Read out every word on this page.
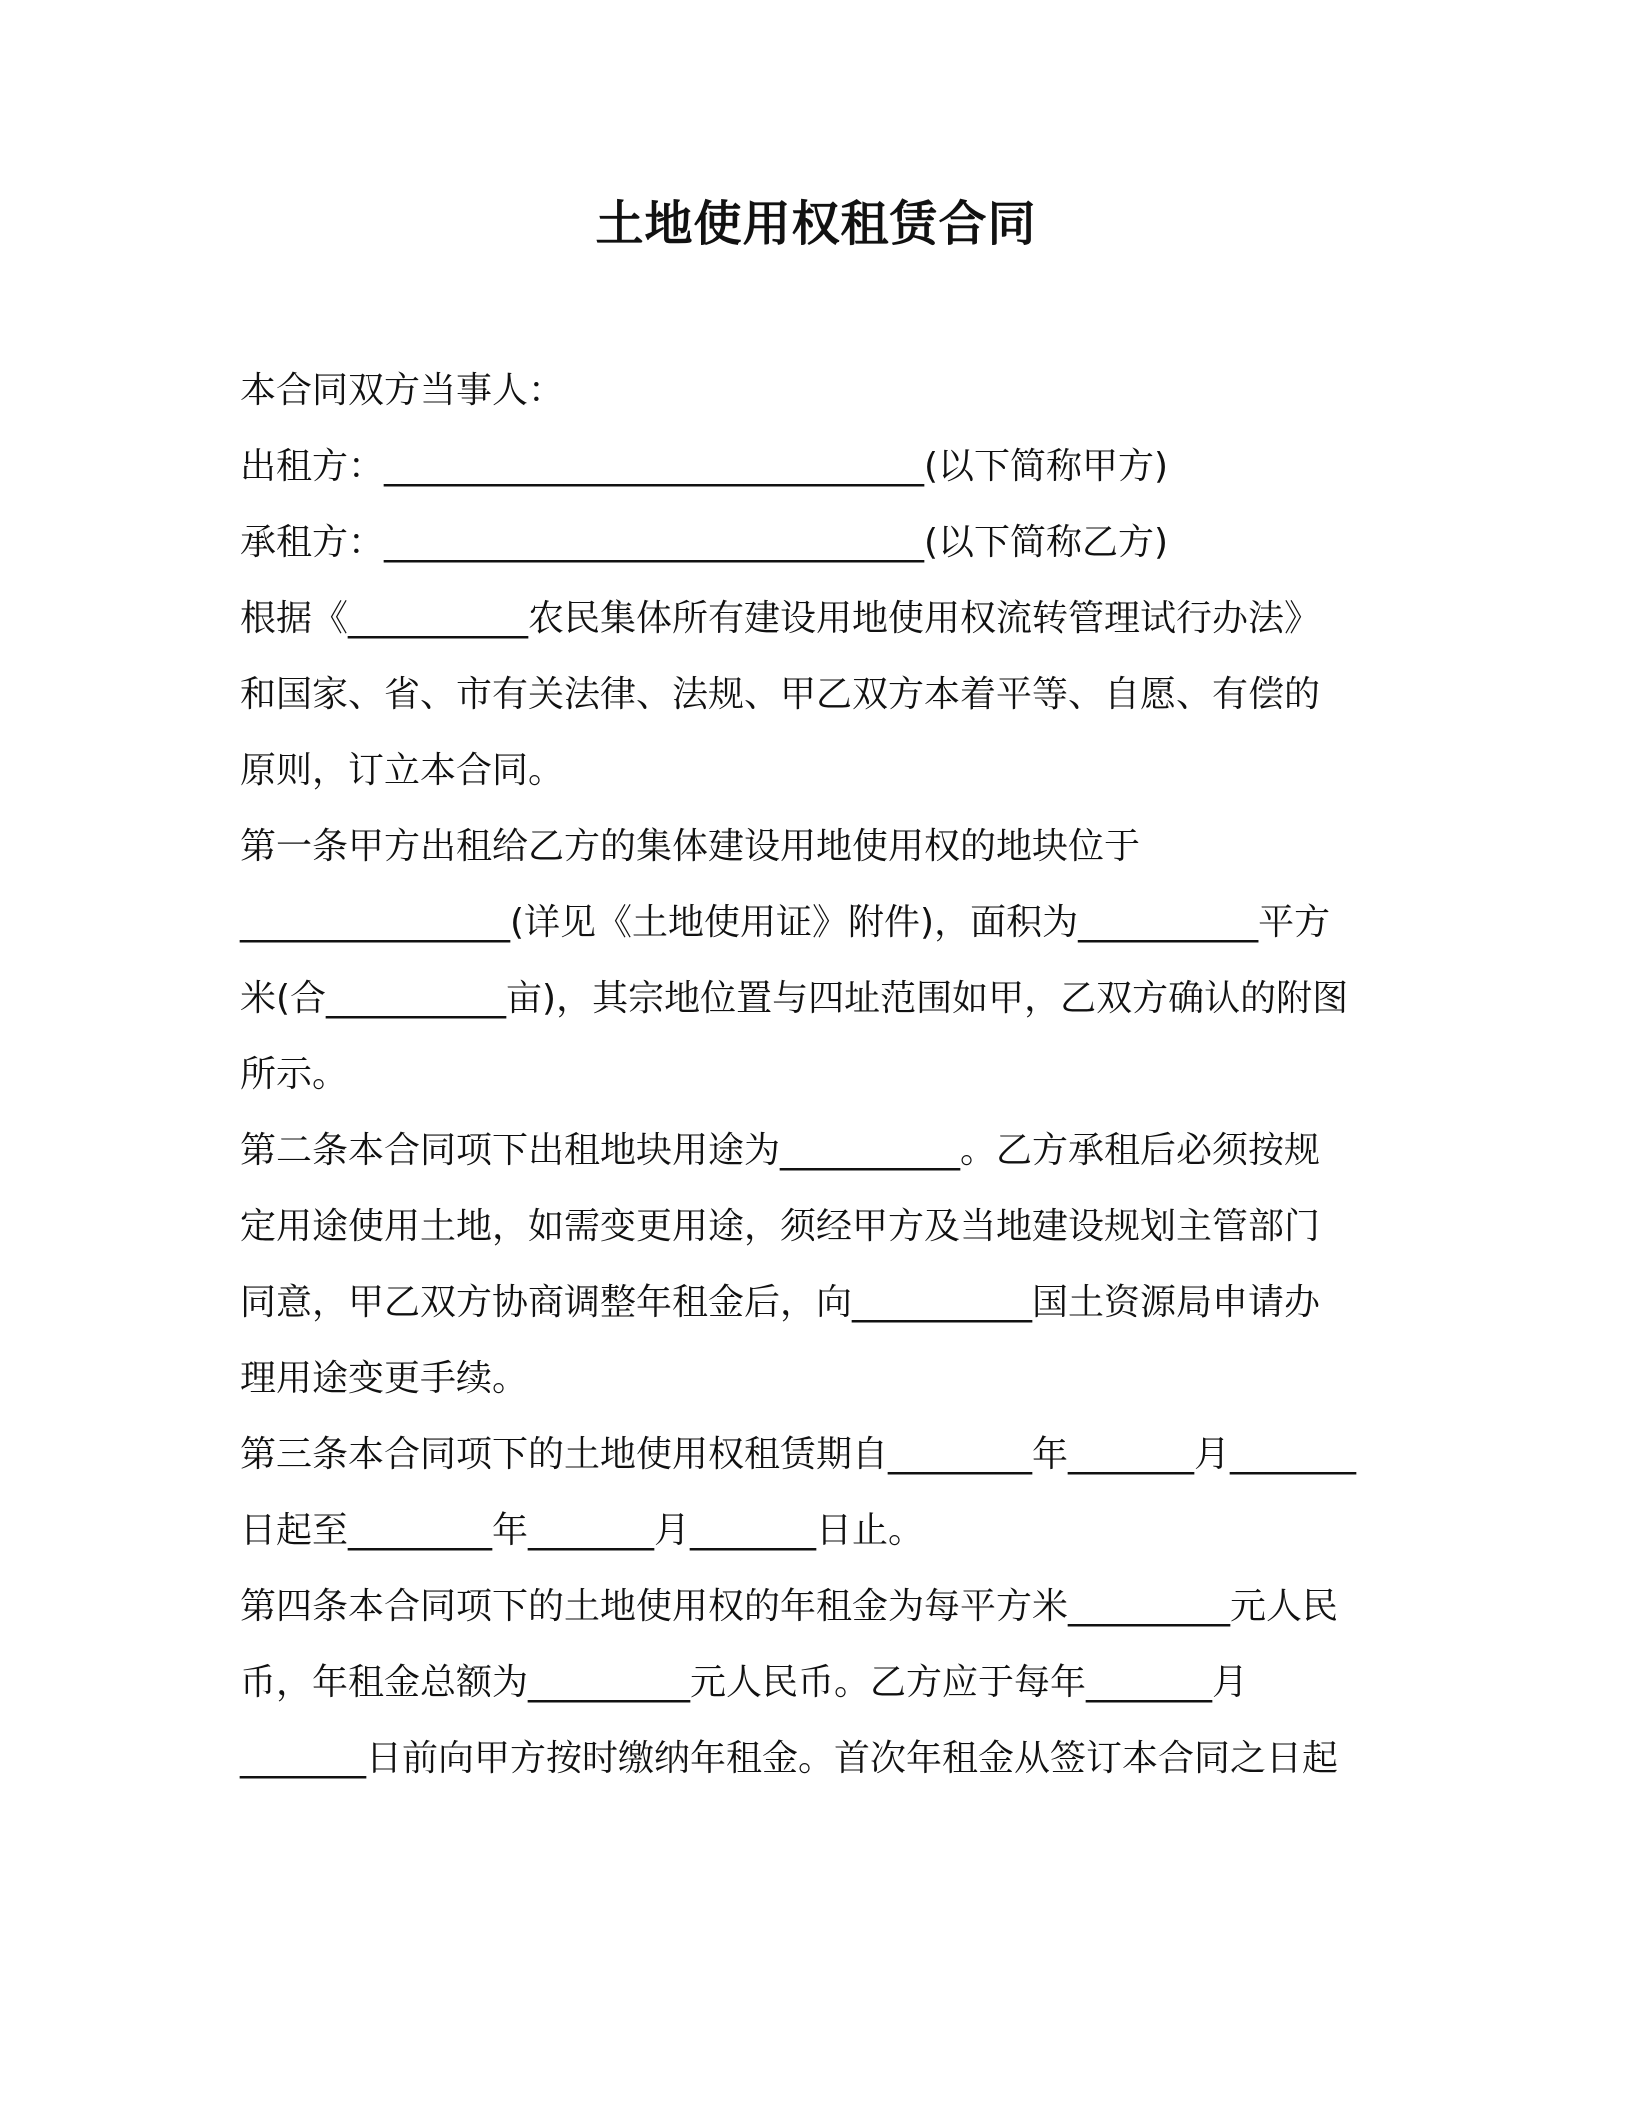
土地使用权租赁合同
本合同双方当事人：
出租方：______________________________(以下简称甲方)
承租方：______________________________(以下简称乙方)
根据《__________农民集体所有建设用地使用权流转管理试行办法》
和国家、省、市有关法律、法规、甲乙双方本着平等、自愿、有偿的
原则，订立本合同。
第一条甲方出租给乙方的集体建设用地使用权的地块位于
_______________(详见《土地使用证》附件)，面积为__________平方
米(合__________亩)，其宗地位置与四址范围如甲，乙双方确认的附图
所示。
第二条本合同项下出租地块用途为__________。乙方承租后必须按规
定用途使用土地，如需变更用途，须经甲方及当地建设规划主管部门
同意，甲乙双方协商调整年租金后，向__________国土资源局申请办
理用途变更手续。
第三条本合同项下的土地使用权租赁期自________年_______月_______
日起至________年_______月_______日止。
第四条本合同项下的土地使用权的年租金为每平方米_________元人民
币，年租金总额为_________元人民币。乙方应于每年_______月
_______日前向甲方按时缴纳年租金。首次年租金从签订本合同之日起
